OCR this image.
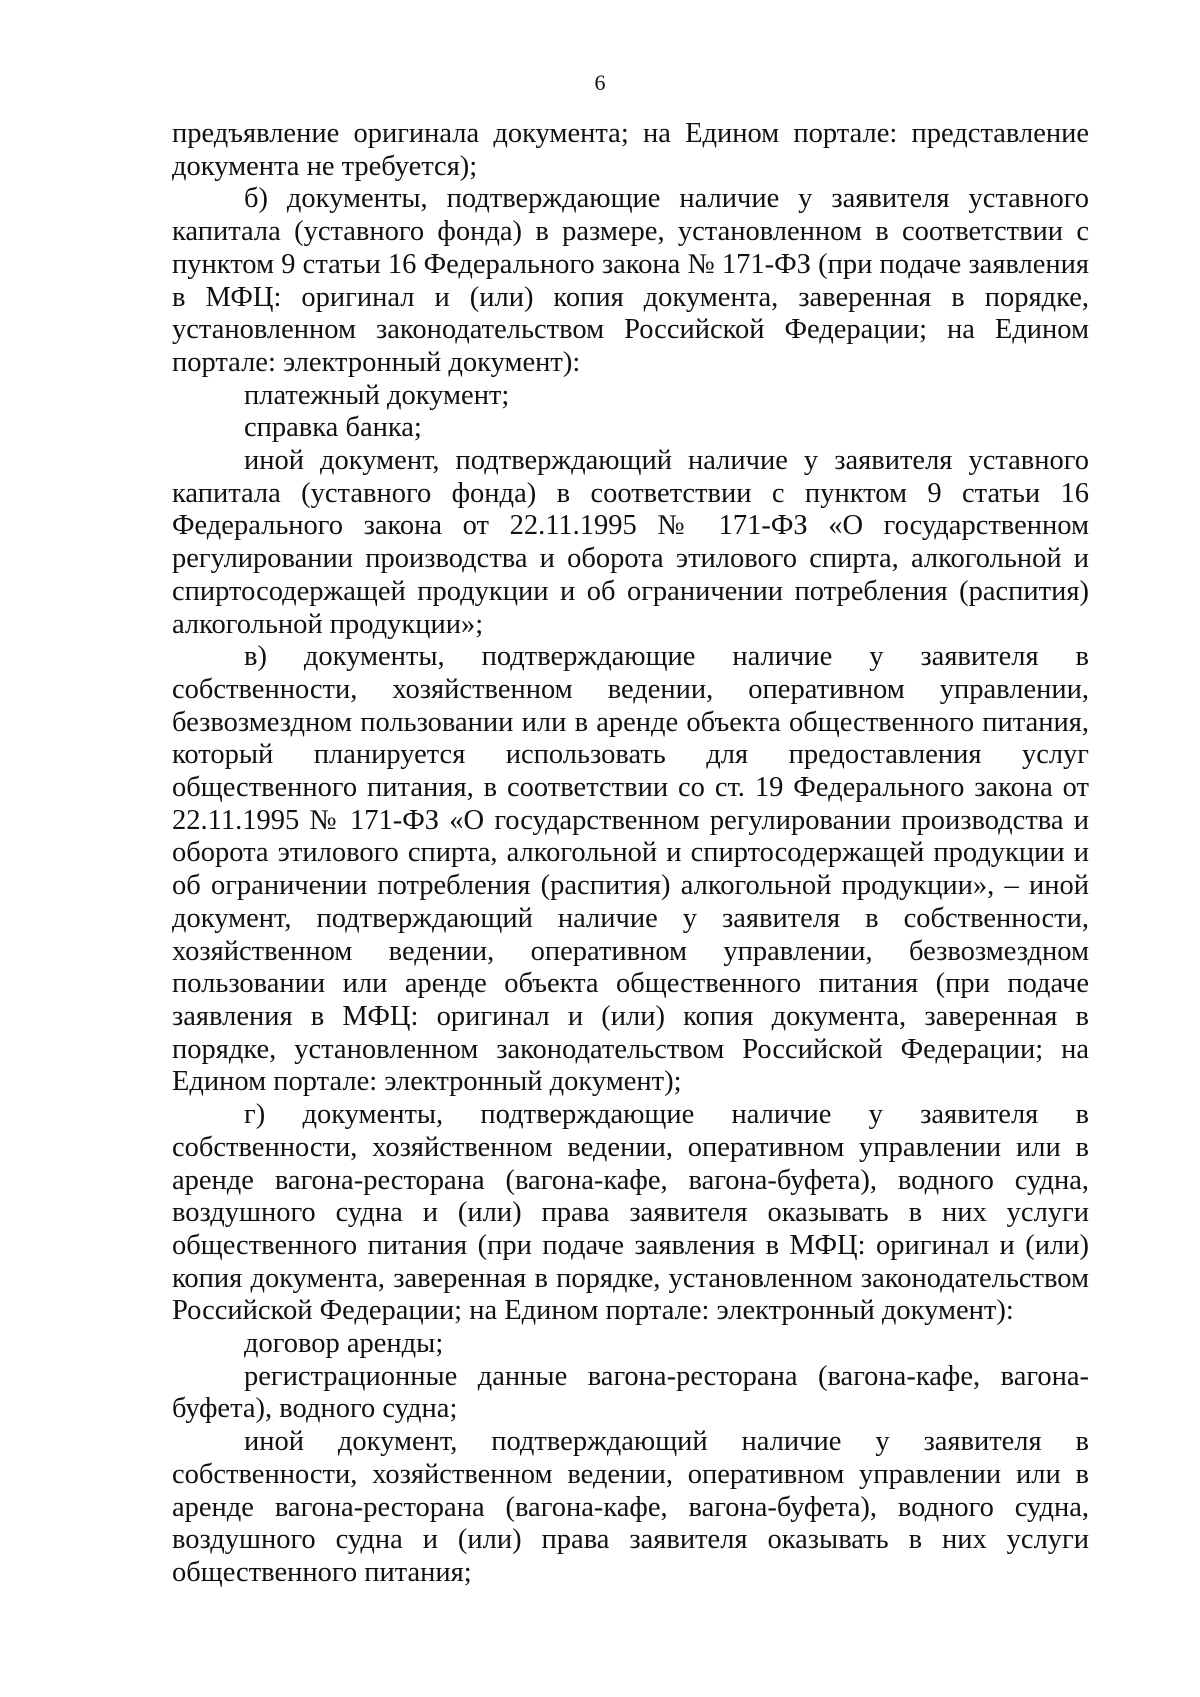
6

предъявление оригинала документа; на Едином портале: представление документа не требуется);

б) документы, подтверждающие наличие у заявителя уставного капитала (уставного фонда) в размере, установленном в соответствии с пунктом 9 статьи 16 Федерального закона № 171-ФЗ (при подаче заявления в МФЦ: оригинал и (или) копия документа, заверенная в порядке, установленном законодательством Российской Федерации; на Едином портале: электронный документ):

платежный документ;

справка банка;

иной документ, подтверждающий наличие у заявителя уставного капитала (уставного фонда) в соответствии с пунктом 9 статьи 16 Федерального закона от 22.11.1995 № 171-ФЗ «О государственном регулировании производства и оборота этилового спирта, алкогольной и спиртосодержащей продукции и об ограничении потребления (распития) алкогольной продукции»;

в) документы, подтверждающие наличие у заявителя в собственности, хозяйственном ведении, оперативном управлении, безвозмездном пользовании или в аренде объекта общественного питания, который планируется использовать для предоставления услуг общественного питания, в соответствии со ст. 19 Федерального закона от 22.11.1995 № 171-ФЗ «О государственном регулировании производства и оборота этилового спирта, алкогольной и спиртосодержащей продукции и об ограничении потребления (распития) алкогольной продукции», – иной документ, подтверждающий наличие у заявителя в собственности, хозяйственном ведении, оперативном управлении, безвозмездном пользовании или аренде объекта общественного питания (при подаче заявления в МФЦ: оригинал и (или) копия документа, заверенная в порядке, установленном законодательством Российской Федерации; на Едином портале: электронный документ);

г) документы, подтверждающие наличие у заявителя в собственности, хозяйственном ведении, оперативном управлении или в аренде вагона-ресторана (вагона-кафе, вагона-буфета), водного судна, воздушного судна и (или) права заявителя оказывать в них услуги общественного питания (при подаче заявления в МФЦ: оригинал и (или) копия документа, заверенная в порядке, установленном законодательством Российской Федерации; на Едином портале: электронный документ):

договор аренды;

регистрационные данные вагона-ресторана (вагона-кафе, вагона-буфета), водного судна;

иной документ, подтверждающий наличие у заявителя в собственности, хозяйственном ведении, оперативном управлении или в аренде вагона-ресторана (вагона-кафе, вагона-буфета), водного судна, воздушного судна и (или) права заявителя оказывать в них услуги общественного питания;
